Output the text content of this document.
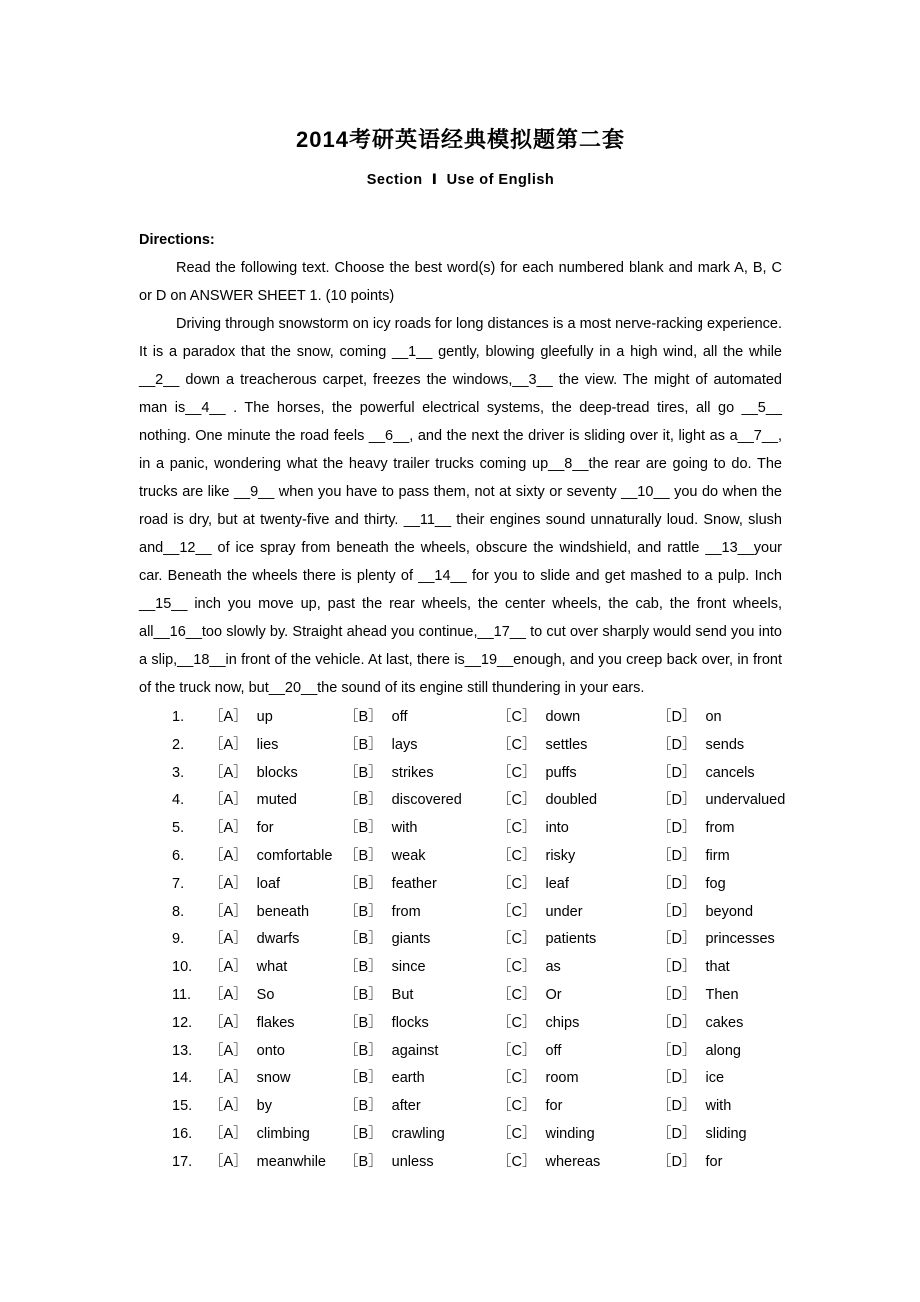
2014考研英语经典模拟题第二套
Section  Ⅰ  Use of English

Directions:

Read the following text. Choose the best word(s) for each numbered blank and mark A, B, C or D on ANSWER SHEET 1. (10 points)

Driving through snowstorm on icy roads for long distances is a most nerve-racking experience. It is a paradox that the snow, coming __1__ gently, blowing gleefully in a high wind, all the while __2__ down a treacherous carpet, freezes the windows,__3__ the view. The might of automated man is__4__ . The horses, the powerful electrical systems, the deep-tread tires, all go __5__ nothing. One minute the road feels __6__, and the next the driver is sliding over it, light as a__7__, in a panic, wondering what the heavy trailer trucks coming up__8__the rear are going to do. The trucks are like __9__ when you have to pass them, not at sixty or seventy __10__ you do when the road is dry, but at twenty-five and thirty. __11__ their engines sound unnaturally loud. Snow, slush and__12__ of ice spray from beneath the wheels, obscure the windshield, and rattle __13__your car. Beneath the wheels there is plenty of __14__ for you to slide and get mashed to a pulp. Inch __15__ inch you move up, past the rear wheels, the center wheels, the cab, the front wheels, all__16__too slowly by. Straight ahead you continue,__17__ to cut over sharply would send you into a slip,__18__in front of the vehicle. At last, there is__19__enough, and you creep back over, in front of the truck now, but__20__the sound of its engine still thundering in your ears.

1.	［A］ up	［B］ off	［C］ down	［D］ on
2.	［A］ lies	［B］ lays	［C］ settles	［D］ sends
3.	［A］ blocks	［B］ strikes	［C］ puffs	［D］ cancels
4.	［A］ muted	［B］ discovered	［C］ doubled	［D］ undervalued
5.	［A］ for	［B］ with	［C］ into	［D］ from
6.	［A］ comfortable ［B］ weak	［C］ risky	［D］ firm
7.	［A］ loaf	［B］ feather	［C］ leaf	［D］ fog
8.	［A］ beneath	［B］ from	［C］ under	［D］ beyond
9.	［A］ dwarfs	［B］ giants	［C］ patients	［D］ princesses
10.	［A］ what	［B］ since	［C］ as	［D］ that
11.	［A］ So	［B］ But	［C］ Or	［D］ Then
12.	［A］ flakes	［B］ flocks	［C］ chips	［D］ cakes
13.	［A］ onto	［B］ against	［C］ off	［D］ along
14.	［A］ snow	［B］ earth	［C］ room	［D］ ice
15.	［A］ by	［B］ after	［C］ for	［D］ with
16.	［A］ climbing	［B］ crawling	［C］ winding	［D］ sliding
17.	［A］ meanwhile	［B］ unless	［C］ whereas	［D］ for
